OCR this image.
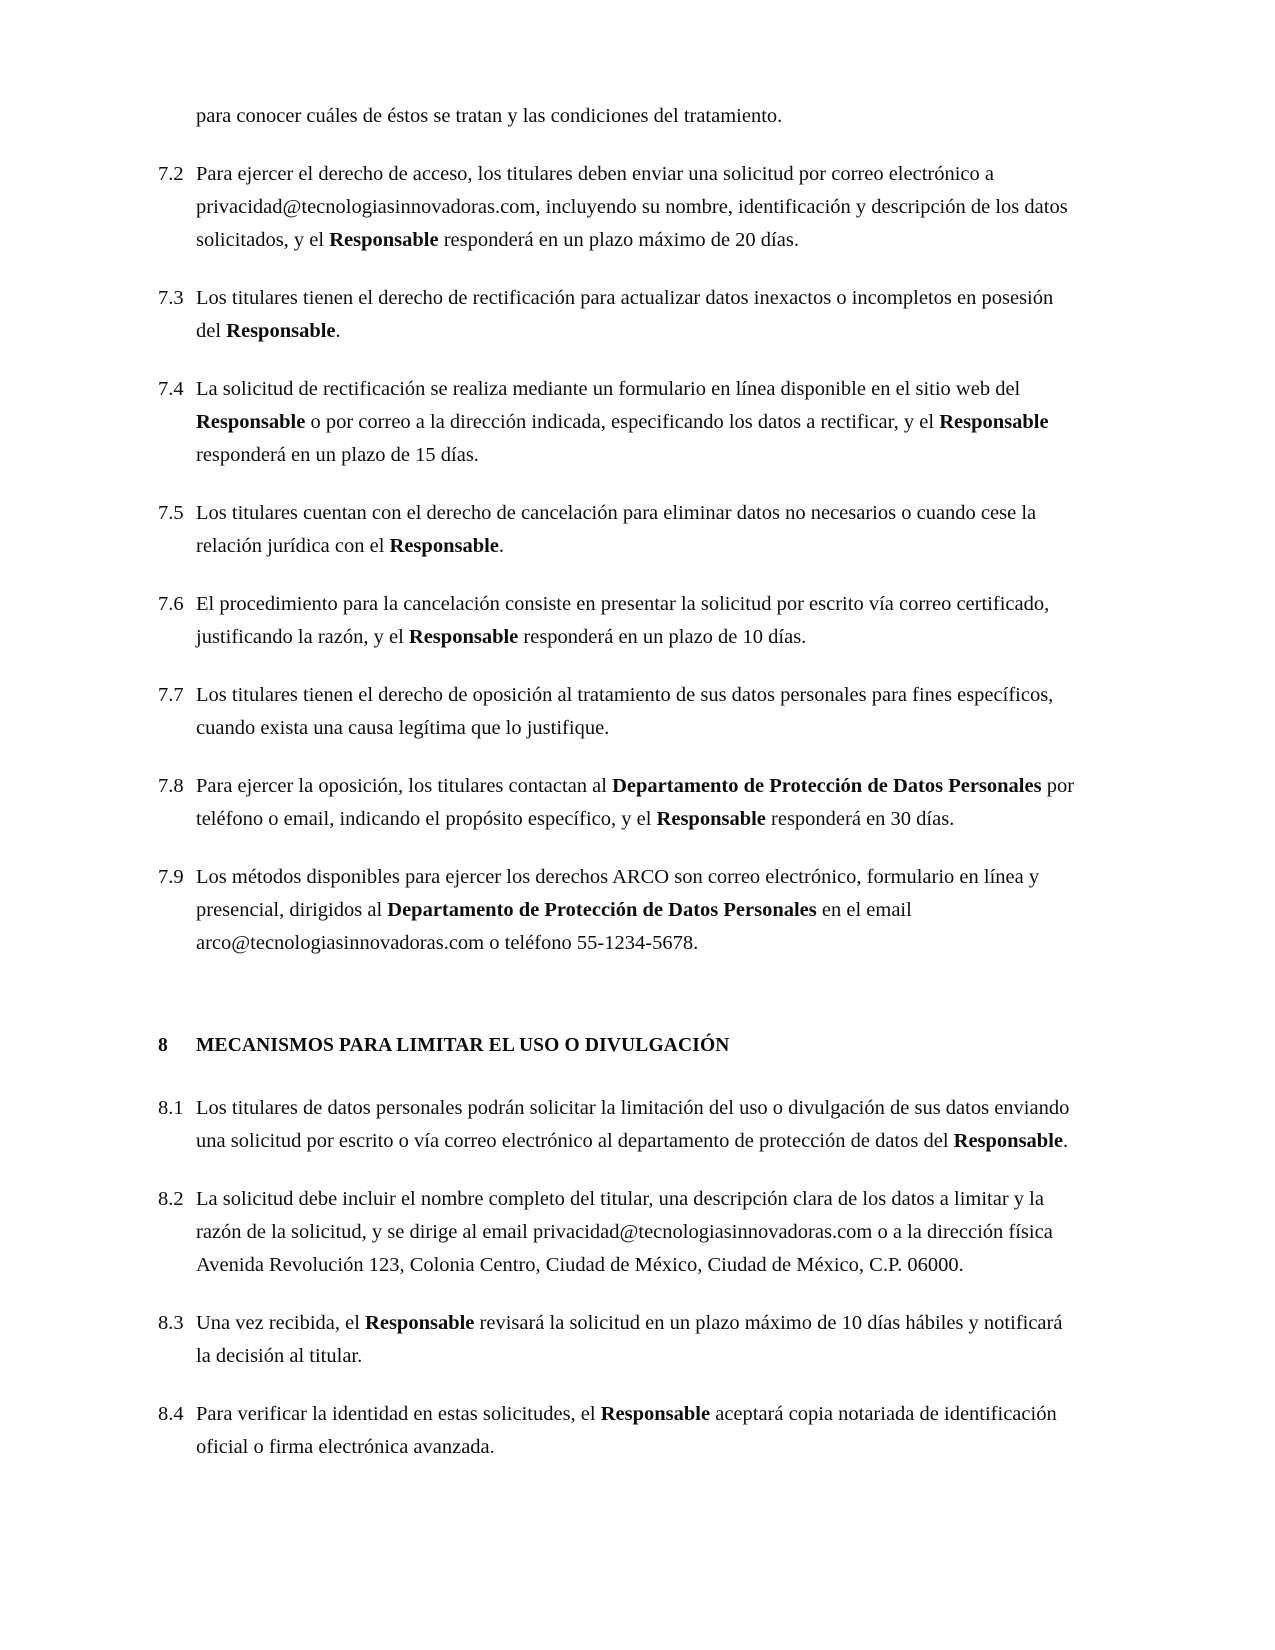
para conocer cuáles de éstos se tratan y las condiciones del tratamiento.

7.2 Para ejercer el derecho de acceso, los titulares deben enviar una solicitud por correo electrónico a privacidad@tecnologiasinnovadoras.com, incluyendo su nombre, identificación y descripción de los datos solicitados, y el Responsable responderá en un plazo máximo de 20 días.
7.3 Los titulares tienen el derecho de rectificación para actualizar datos inexactos o incompletos en posesión del Responsable.
7.4 La solicitud de rectificación se realiza mediante un formulario en línea disponible en el sitio web del Responsable o por correo a la dirección indicada, especificando los datos a rectificar, y el Responsable responderá en un plazo de 15 días.
7.5 Los titulares cuentan con el derecho de cancelación para eliminar datos no necesarios o cuando cese la relación jurídica con el Responsable.
7.6 El procedimiento para la cancelación consiste en presentar la solicitud por escrito vía correo certificado, justificando la razón, y el Responsable responderá en un plazo de 10 días.
7.7 Los titulares tienen el derecho de oposición al tratamiento de sus datos personales para fines específicos, cuando exista una causa legítima que lo justifique.
7.8 Para ejercer la oposición, los titulares contactan al Departamento de Protección de Datos Personales por teléfono o email, indicando el propósito específico, y el Responsable responderá en 30 días.
7.9 Los métodos disponibles para ejercer los derechos ARCO son correo electrónico, formulario en línea y presencial, dirigidos al Departamento de Protección de Datos Personales en el email arco@tecnologiasinnovadoras.com o teléfono 55-1234-5678.
8	MECANISMOS PARA LIMITAR EL USO O DIVULGACIÓN
8.1 Los titulares de datos personales podrán solicitar la limitación del uso o divulgación de sus datos enviando una solicitud por escrito o vía correo electrónico al departamento de protección de datos del Responsable.
8.2 La solicitud debe incluir el nombre completo del titular, una descripción clara de los datos a limitar y la razón de la solicitud, y se dirige al email privacidad@tecnologiasinnovadoras.com o a la dirección física Avenida Revolución 123, Colonia Centro, Ciudad de México, Ciudad de México, C.P. 06000.
8.3 Una vez recibida, el Responsable revisará la solicitud en un plazo máximo de 10 días hábiles y notificará la decisión al titular.
8.4 Para verificar la identidad en estas solicitudes, el Responsable aceptará copia notariada de identificación oficial o firma electrónica avanzada.
